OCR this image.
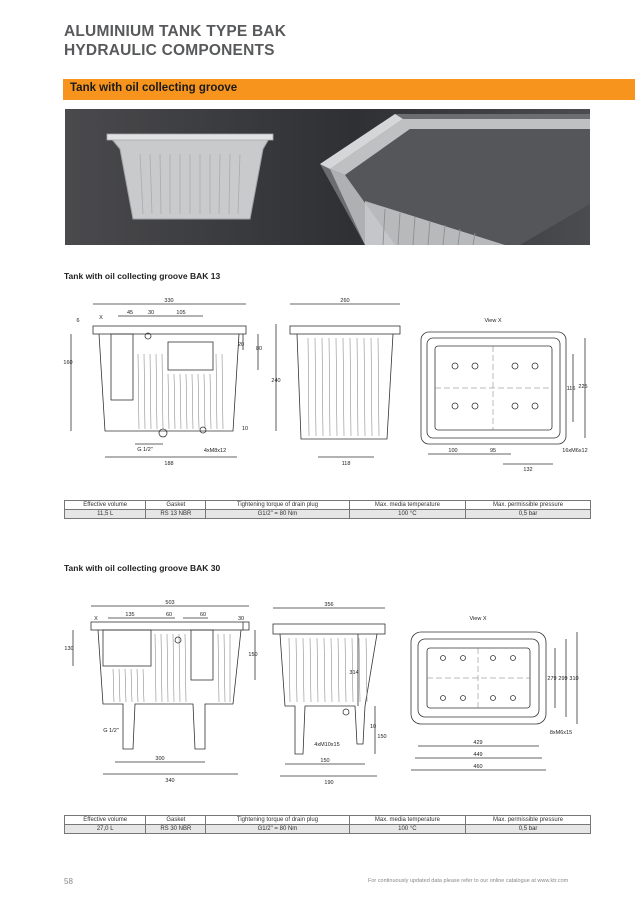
ALUMINIUM TANK TYPE BAK
HYDRAULIC COMPONENTS
Tank with oil collecting groove
Tank with oil collecting groove BAK 13
330
45	30	105
6	X
160
20
80
240
10
G 1/2"	4xM8x12
188
260
118
View X
100	95
132
116 225
16xM6x12
Effective volume	Gasket	Tightening torque of drain plug	Max. media temperature	Max. permissible pressure
11,5 L	RS 13 NBR	G1/2" = 80 Nm	100 °C	0,5 bar
Tank with oil collecting groove BAK 30
503
135	60	60
X
130
30
150
G 1/2"
300
340
356
314
10
150
4xM10x15
150
190
View X
279 299 310
429
449
460
8xM6x15
Effective volume	Gasket	Tightening torque of drain plug	Max. media temperature	Max. permissible pressure
27,0 L	RS 30 NBR	G1/2" = 80 Nm	100 °C	0,5 bar
58	For continuously updated data please refer to our online catalogue at www.ktr.com
